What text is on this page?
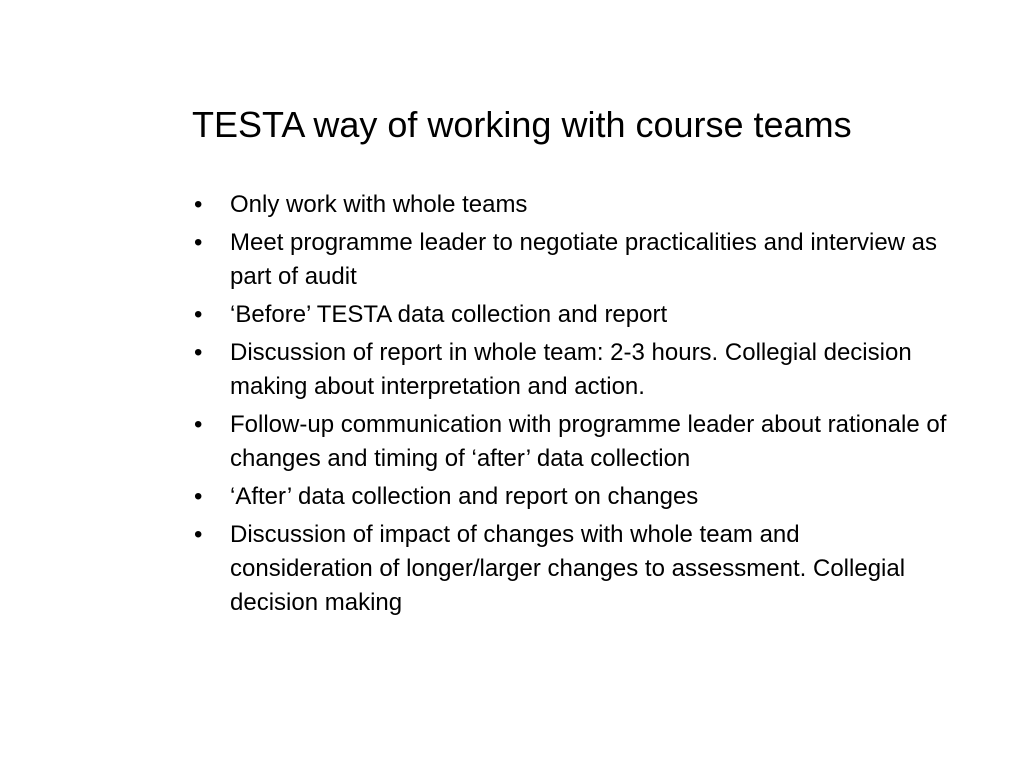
TESTA way of working with course teams
• Only work with whole teams
• Meet programme leader to negotiate practicalities and interview as part of audit
• ‘Before’ TESTA data collection and report
• Discussion of report in whole team: 2-3 hours. Collegial decision making about interpretation and action.
• Follow-up communication with programme leader about rationale of changes and timing of ‘after’ data collection
• ‘After’ data collection and report on changes
• Discussion of impact of changes with whole team and consideration of longer/larger changes to assessment. Collegial decision making
